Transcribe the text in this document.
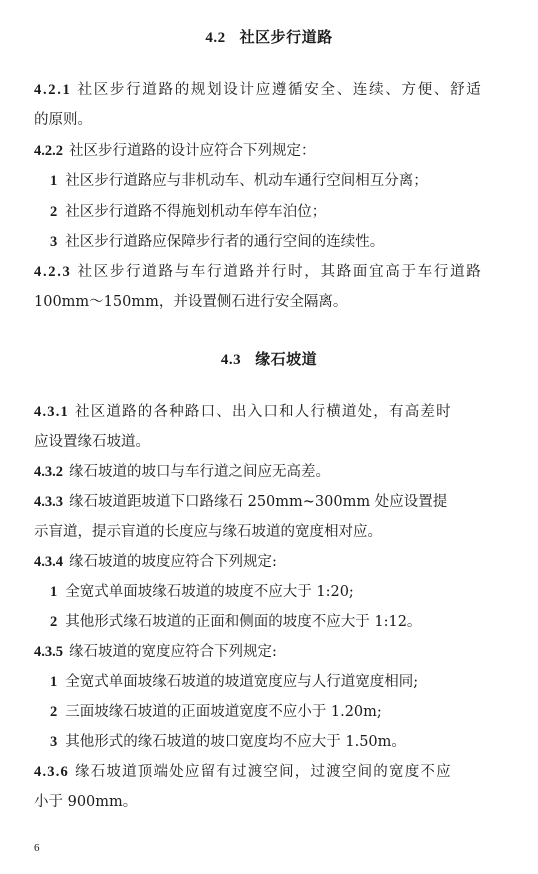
4.2 社区步行道路
4.2.1 社区步行道路的规划设计应遵循安全、连续、方便、舒适
的原则。
4.2.2 社区步行道路的设计应符合下列规定：
1 社区步行道路应与非机动车、机动车通行空间相互分离；
2 社区步行道路不得施划机动车停车泊位；
3 社区步行道路应保障步行者的通行空间的连续性。
4.2.3 社区步行道路与车行道路并行时，其路面宜高于车行道路
100mm～150mm，并设置侧石进行安全隔离。
4.3 缘石坡道
4.3.1 社区道路的各种路口、出入口和人行横道处，有高差时
应设置缘石坡道。
4.3.2 缘石坡道的坡口与车行道之间应无高差。
4.3.3 缘石坡道距坡道下口路缘石 250mm~300mm 处应设置提
示盲道，提示盲道的长度应与缘石坡道的宽度相对应。
4.3.4 缘石坡道的坡度应符合下列规定:
1 全宽式单面坡缘石坡道的坡度不应大于 1:20;
2 其他形式缘石坡道的正面和侧面的坡度不应大于 1:12。
4.3.5 缘石坡道的宽度应符合下列规定:
1 全宽式单面坡缘石坡道的坡道宽度应与人行道宽度相同;
2 三面坡缘石坡道的正面坡道宽度不应小于 1.20m;
3 其他形式的缘石坡道的坡口宽度均不应大于 1.50m。
4.3.6 缘石坡道顶端处应留有过渡空间，过渡空间的宽度不应
小于 900mm。
6
